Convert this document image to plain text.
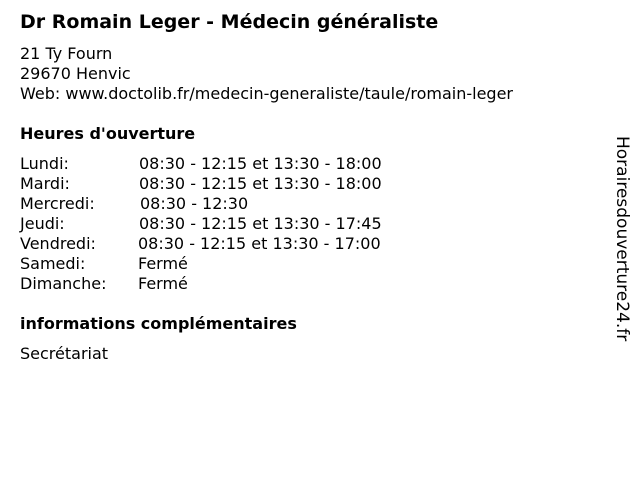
Dr Romain Leger - Médecin généraliste
21 Ty Fourn
29670 Henvic
Web: www.doctolib.fr/medecin-generaliste/taule/romain-leger
Heures d'ouverture
Lundi:	08:30 - 12:15 et 13:30 - 18:00
Mardi:	08:30 - 12:15 et 13:30 - 18:00
Mercredi:	08:30 - 12:30
Jeudi:	08:30 - 12:15 et 13:30 - 17:45
Vendredi:	08:30 - 12:15 et 13:30 - 17:00
Samedi:	Fermé
Dimanche: Fermé
informations complémentaires
Secrétariat
Horairesdouverture24.fr
